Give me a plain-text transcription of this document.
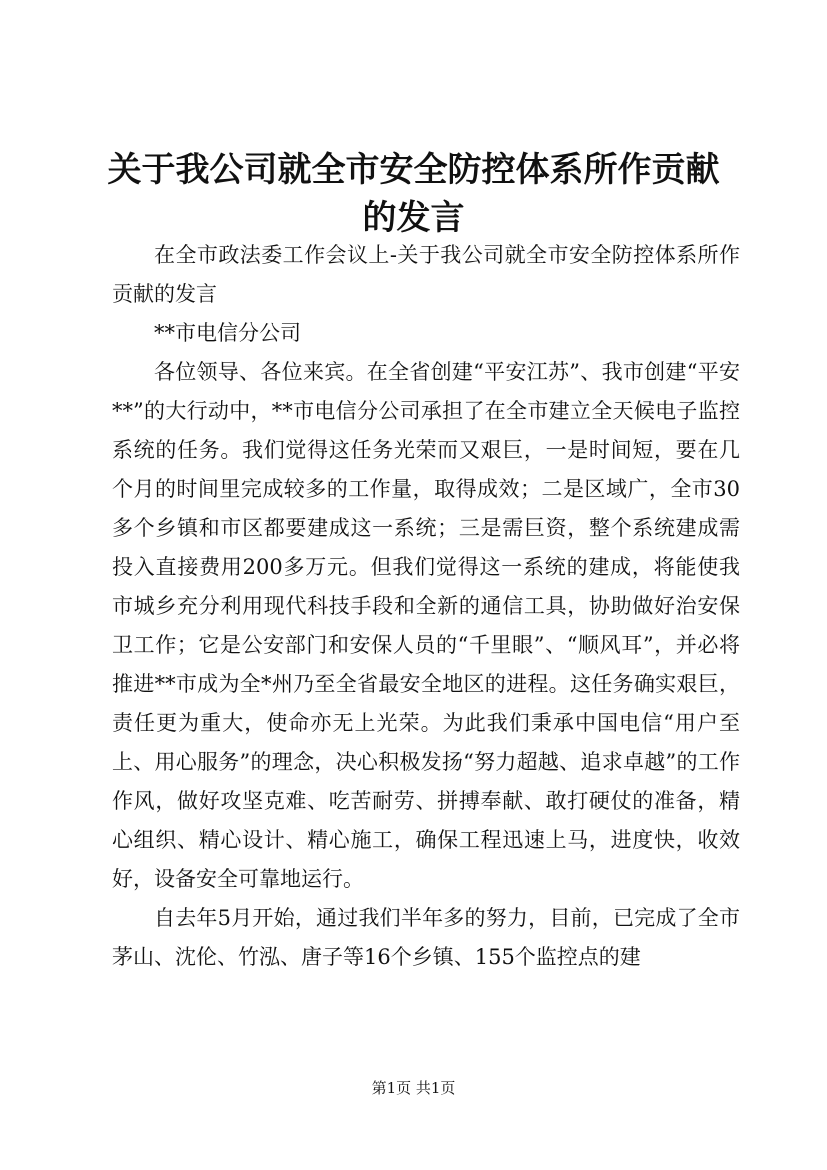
关于我公司就全市安全防控体系所作贡献的发言

在全市政法委工作会议上-关于我公司就全市安全防控体系所作贡献的发言

**市电信分公司

各位领导、各位来宾。在全省创建“平安江苏”、我市创建“平安**”的大行动中，**市电信分公司承担了在全市建立全天候电子监控系统的任务。我们觉得这任务光荣而又艰巨，一是时间短，要在几个月的时间里完成较多的工作量，取得成效；二是区域广，全市30多个乡镇和市区都要建成这一系统；三是需巨资，整个系统建成需投入直接费用200多万元。但我们觉得这一系统的建成，将能使我市城乡充分利用现代科技手段和全新的通信工具，协助做好治安保卫工作；它是公安部门和安保人员的“千里眼”、“顺风耳”，并必将推进**市成为全*州乃至全省最安全地区的进程。这任务确实艰巨，责任更为重大，使命亦无上光荣。为此我们秉承中国电信“用户至上、用心服务”的理念，决心积极发扬“努力超越、追求卓越”的工作作风，做好攻坚克难、吃苦耐劳、拼搏奉献、敢打硬仗的准备，精心组织、精心设计、精心施工，确保工程迅速上马，进度快，收效好，设备安全可靠地运行。

自去年5月开始，通过我们半年多的努力，目前，已完成了全市茅山、沈伦、竹泓、唐子等16个乡镇、155个监控点的建

第1页 共1页
